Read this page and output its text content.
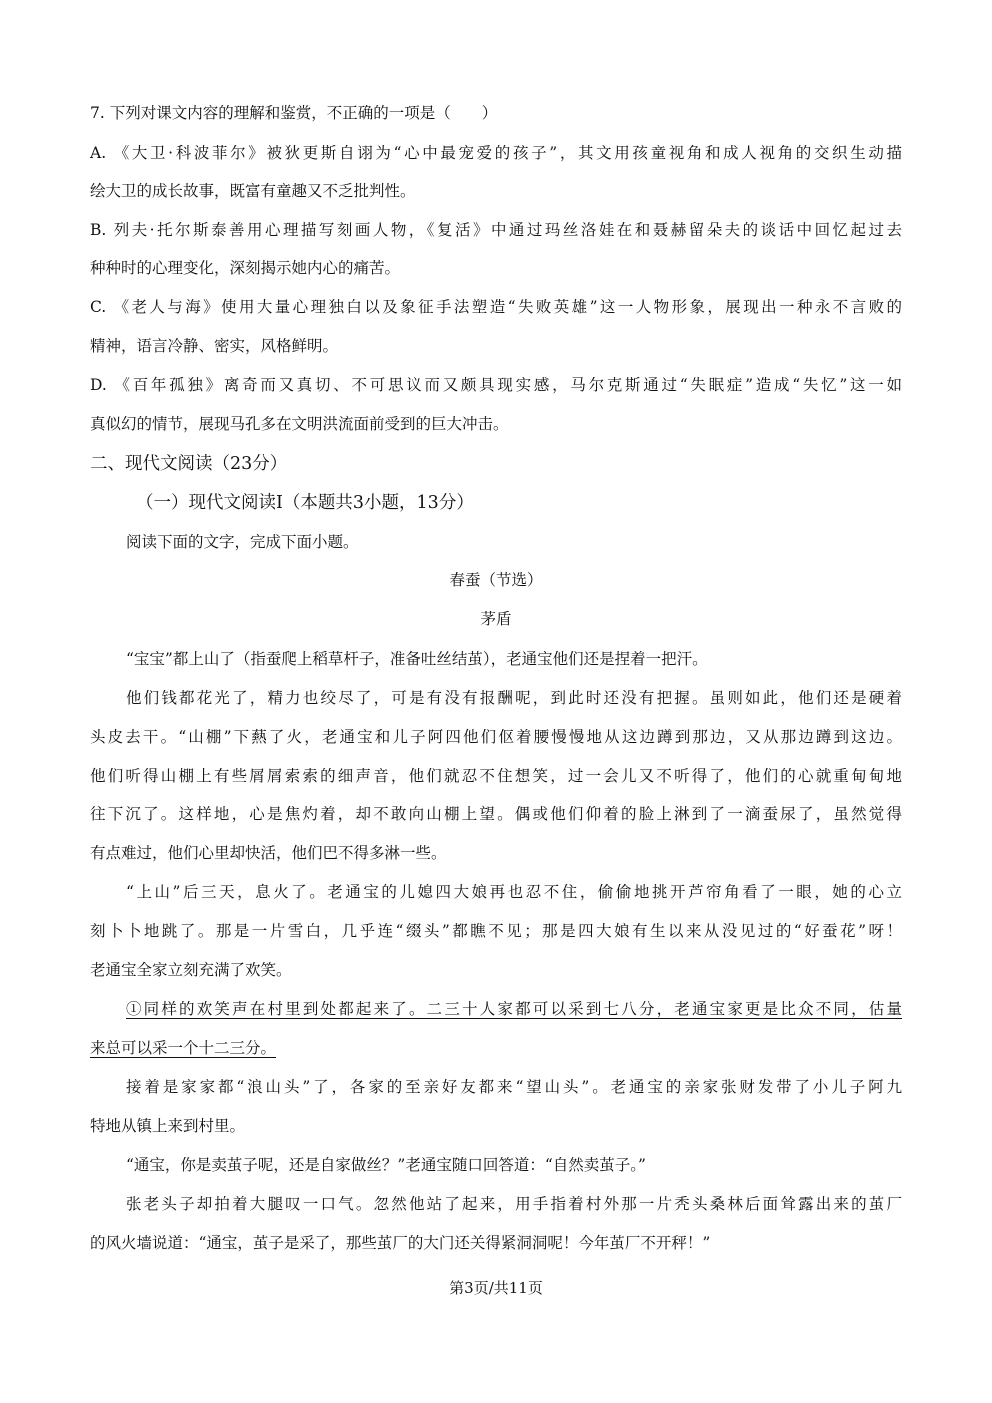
7. 下列对课文内容的理解和鉴赏，不正确的一项是（　　）
A. 《大卫·科波菲尔》被狄更斯自诩为“心中最宠爱的孩子”，其文用孩童视角和成人视角的交织生动描
绘大卫的成长故事，既富有童趣又不乏批判性。
B. 列夫·托尔斯泰善用心理描写刻画人物，《复活》中通过玛丝洛娃在和聂赫留朵夫的谈话中回忆起过去
种种时的心理变化，深刻揭示她内心的痛苦。
C. 《老人与海》使用大量心理独白以及象征手法塑造“失败英雄”这一人物形象，展现出一种永不言败的
精神，语言冷静、密实，风格鲜明。
D. 《百年孤独》离奇而又真切、不可思议而又颇具现实感，马尔克斯通过“失眠症”造成“失忆”这一如
真似幻的情节，展现马孔多在文明洪流面前受到的巨大冲击。
二、现代文阅读（23分）
（一）现代文阅读Ⅰ（本题共3小题，13分）
阅读下面的文字，完成下面小题。
春蚕（节选）
茅盾
“宝宝”都上山了（指蚕爬上稻草杆子，准备吐丝结茧），老通宝他们还是捏着一把汗。
他们钱都花光了，精力也绞尽了，可是有没有报酬呢，到此时还没有把握。虽则如此，他们还是硬着
头皮去干。“山棚”下爇了火，老通宝和儿子阿四他们伛着腰慢慢地从这边蹲到那边，又从那边蹲到这边。
他们听得山棚上有些屑屑索索的细声音，他们就忍不住想笑，过一会儿又不听得了，他们的心就重甸甸地
往下沉了。这样地，心是焦灼着，却不敢向山棚上望。偶或他们仰着的脸上淋到了一滴蚕尿了，虽然觉得
有点难过，他们心里却快活，他们巴不得多淋一些。
“上山”后三天，息火了。老通宝的儿媳四大娘再也忍不住，偷偷地挑开芦帘角看了一眼，她的心立
刻卜卜地跳了。那是一片雪白，几乎连“缀头”都瞧不见；那是四大娘有生以来从没见过的“好蚕花”呀！
老通宝全家立刻充满了欢笑。
①同样的欢笑声在村里到处都起来了。二三十人家都可以采到七八分，老通宝家更是比众不同，估量
来总可以采一个十二三分。
接着是家家都“浪山头”了，各家的至亲好友都来“望山头”。老通宝的亲家张财发带了小儿子阿九
特地从镇上来到村里。
“通宝，你是卖茧子呢，还是自家做丝？”老通宝随口回答道：“自然卖茧子。”
张老头子却拍着大腿叹一口气。忽然他站了起来，用手指着村外那一片秃头桑林后面耸露出来的茧厂
的风火墙说道：“通宝，茧子是采了，那些茧厂的大门还关得紧洞洞呢！今年茧厂不开秤！”
第3页/共11页
